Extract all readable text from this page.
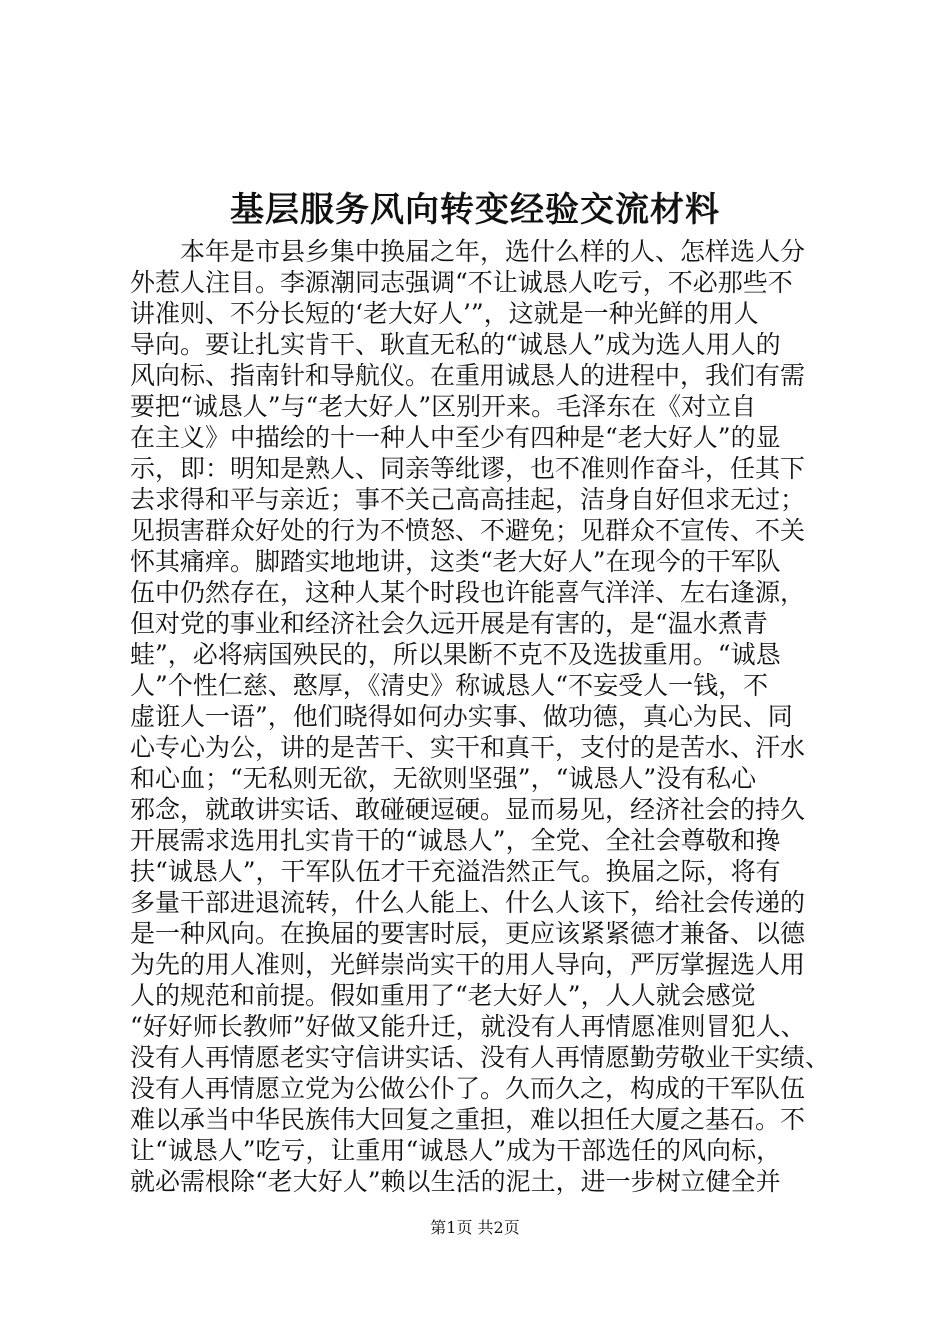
基层服务风向转变经验交流材料
本年是市县乡集中换届之年，选什么样的人、怎样选人分
外惹人注目。李源潮同志强调“不让诚恳人吃亏，不必那些不
讲准则、不分长短的‘老大好人’”，这就是一种光鲜的用人
导向。要让扎实肯干、耿直无私的“诚恳人”成为选人用人的
风向标、指南针和导航仪。在重用诚恳人的进程中，我们有需
要把“诚恳人”与“老大好人”区别开来。毛泽东在《对立自
在主义》中描绘的十一种人中至少有四种是“老大好人”的显
示，即：明知是熟人、同亲等纰谬，也不准则作奋斗，任其下
去求得和平与亲近；事不关己高高挂起，洁身自好但求无过；
见损害群众好处的行为不愤怒、不避免；见群众不宣传、不关
怀其痛痒。脚踏实地地讲，这类“老大好人”在现今的干军队
伍中仍然存在，这种人某个时段也许能喜气洋洋、左右逢源，
但对党的事业和经济社会久远开展是有害的，是“温水煮青
蛙”，必将病国殃民的，所以果断不克不及选拔重用。“诚恳
人”个性仁慈、憨厚，《清史》称诚恳人“不妄受人一钱，不
虚诳人一语”，他们晓得如何办实事、做功德，真心为民、同
心专心为公，讲的是苦干、实干和真干，支付的是苦水、汗水
和心血；“无私则无欲，无欲则坚强”，“诚恳人”没有私心
邪念，就敢讲实话、敢碰硬逗硬。显而易见，经济社会的持久
开展需求选用扎实肯干的“诚恳人”，全党、全社会尊敬和搀
扶“诚恳人”，干军队伍才干充溢浩然正气。换届之际，将有
多量干部进退流转，什么人能上、什么人该下，给社会传递的
是一种风向。在换届的要害时辰，更应该紧紧德才兼备、以德
为先的用人准则，光鲜崇尚实干的用人导向，严厉掌握选人用
人的规范和前提。假如重用了“老大好人”，人人就会感觉
“好好师长教师”好做又能升迁，就没有人再情愿准则冒犯人、
没有人再情愿老实守信讲实话、没有人再情愿勤劳敬业干实绩、
没有人再情愿立党为公做公仆了。久而久之，构成的干军队伍
难以承当中华民族伟大回复之重担，难以担任大厦之基石。不
让“诚恳人”吃亏，让重用“诚恳人”成为干部选任的风向标，
就必需根除“老大好人”赖以生活的泥土，进一步树立健全并
第1页 共2页
